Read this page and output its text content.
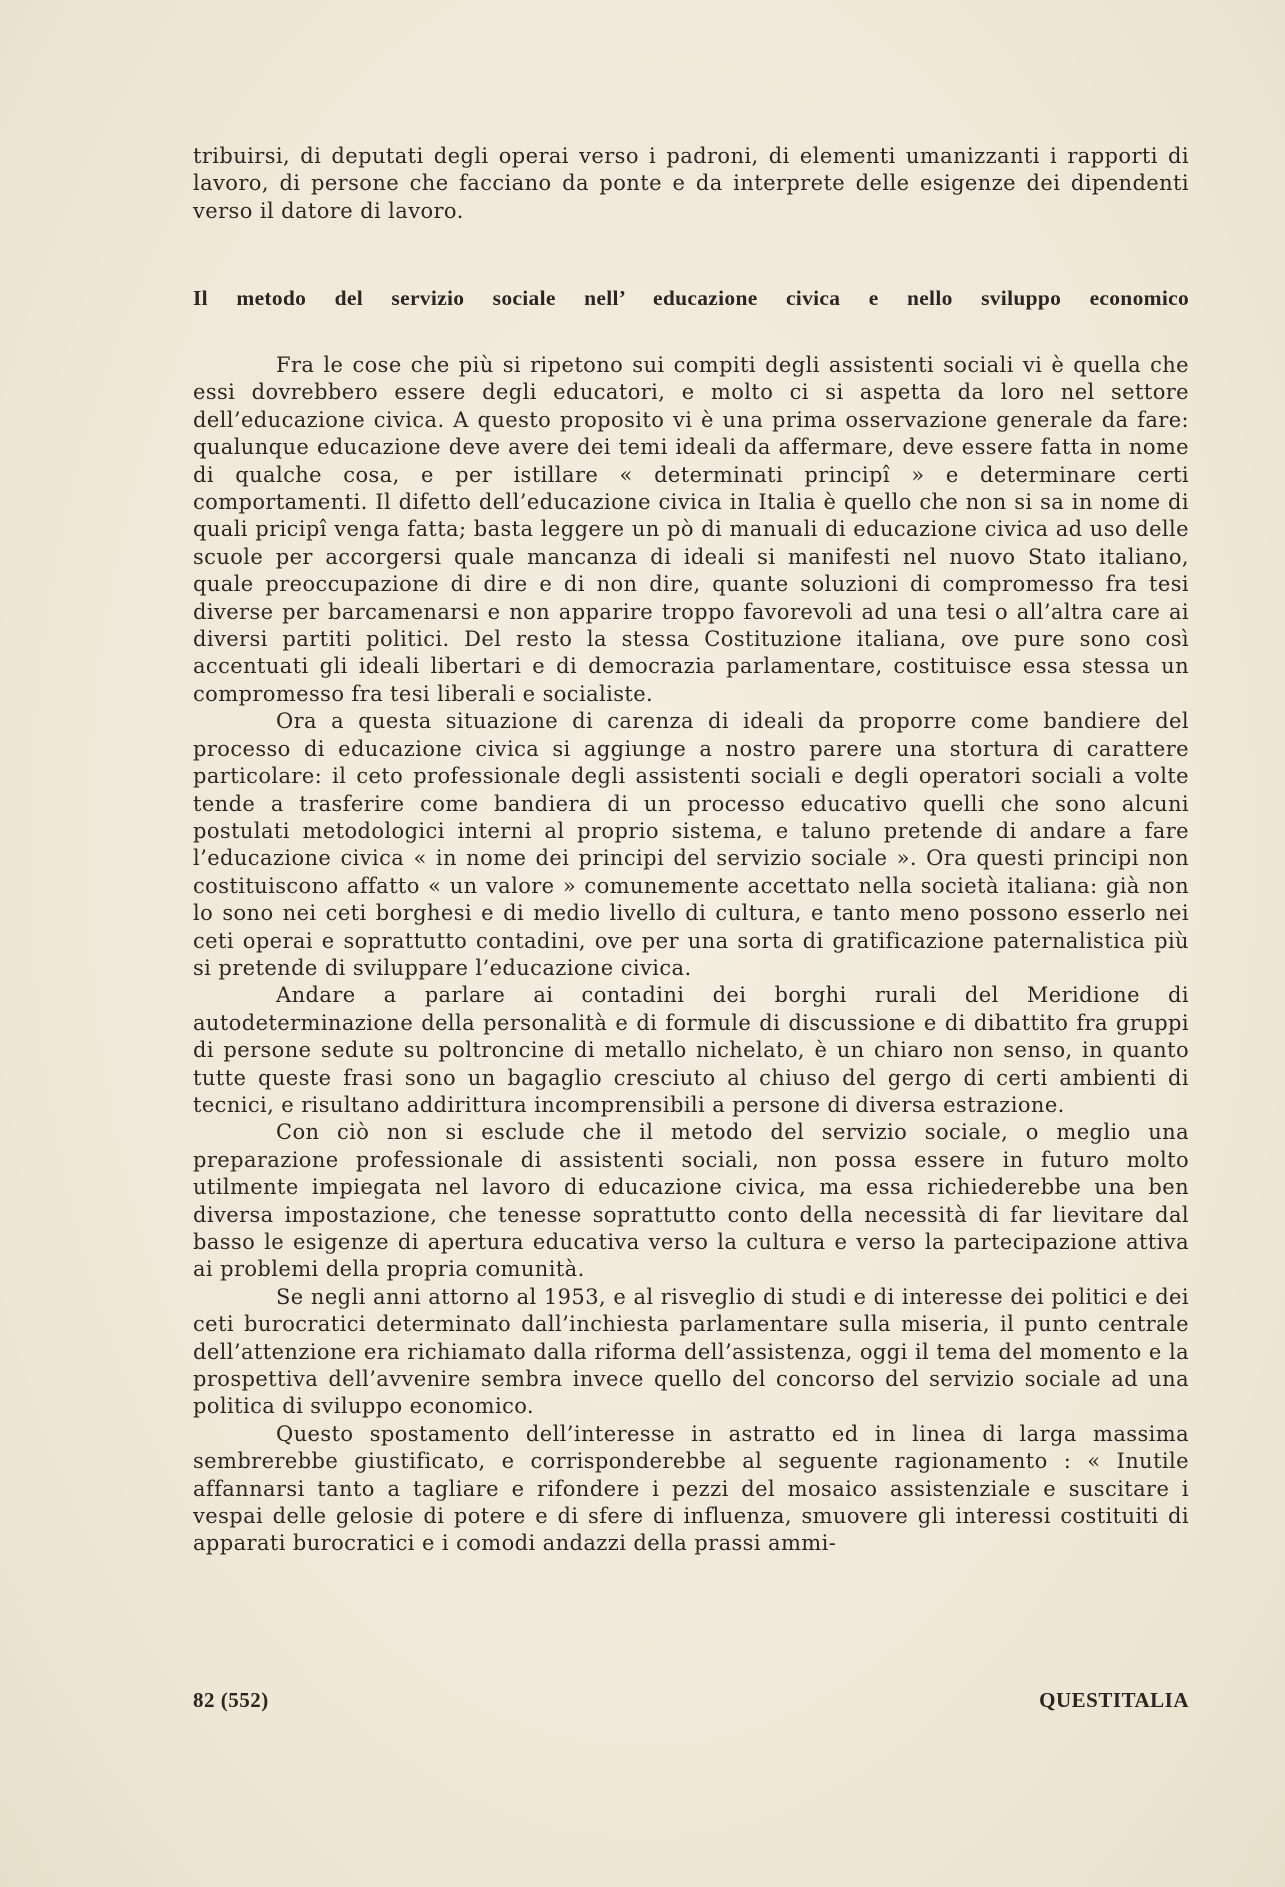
tribuirsi, di deputati degli operai verso i padroni, di elementi umanizzanti i rapporti di lavoro, di persone che facciano da ponte e da interprete delle esigenze dei dipendenti verso il datore di lavoro.

Il metodo del servizio sociale nell’ educazione civica e nello sviluppo economico

Fra le cose che più si ripetono sui compiti degli assistenti sociali vi è quella che essi dovrebbero essere degli educatori, e molto ci si aspetta da loro nel settore dell’educazione civica. A questo proposito vi è una prima osservazione generale da fare: qualunque educazione deve avere dei temi ideali da affermare, deve essere fatta in nome di qualche cosa, e per istillare « determinati principî » e determinare certi comportamenti. Il difetto dell’educazione civica in Italia è quello che non si sa in nome di quali pricipî venga fatta; basta leggere un pò di manuali di educazione civica ad uso delle scuole per accorgersi quale mancanza di ideali si manifesti nel nuovo Stato italiano, quale preoccupazione di dire e di non dire, quante soluzioni di compromesso fra tesi diverse per barcamenarsi e non apparire troppo favorevoli ad una tesi o all’altra care ai diversi partiti politici. Del resto la stessa Costituzione italiana, ove pure sono così accentuati gli ideali libertari e di democrazia parlamentare, costituisce essa stessa un compromesso fra tesi liberali e socialiste.

Ora a questa situazione di carenza di ideali da proporre come bandiere del processo di educazione civica si aggiunge a nostro parere una stortura di carattere particolare: il ceto professionale degli assistenti sociali e degli operatori sociali a volte tende a trasferire come bandiera di un processo educativo quelli che sono alcuni postulati metodologici interni al proprio sistema, e taluno pretende di andare a fare l’educazione civica « in nome dei principi del servizio sociale ». Ora questi principi non costituiscono affatto « un valore » comunemente accettato nella società italiana: già non lo sono nei ceti borghesi e di medio livello di cultura, e tanto meno possono esserlo nei ceti operai e soprattutto contadini, ove per una sorta di gratificazione paternalistica più si pretende di sviluppare l’educazione civica.

Andare a parlare ai contadini dei borghi rurali del Meridione di autodeterminazione della personalità e di formule di discussione e di dibattito fra gruppi di persone sedute su poltroncine di metallo nichelato, è un chiaro non senso, in quanto tutte queste frasi sono un bagaglio cresciuto al chiuso del gergo di certi ambienti di tecnici, e risultano addirittura incomprensibili a persone di diversa estrazione.

Con ciò non si esclude che il metodo del servizio sociale, o meglio una preparazione professionale di assistenti sociali, non possa essere in futuro molto utilmente impiegata nel lavoro di educazione civica, ma essa richiederebbe una ben diversa impostazione, che tenesse soprattutto conto della necessità di far lievitare dal basso le esigenze di apertura educativa verso la cultura e verso la partecipazione attiva ai problemi della propria comunità.

Se negli anni attorno al 1953, e al risveglio di studi e di interesse dei politici e dei ceti burocratici determinato dall’inchiesta parlamentare sulla miseria, il punto centrale dell’attenzione era richiamato dalla riforma dell’assistenza, oggi il tema del momento e la prospettiva dell’avvenire sembra invece quello del concorso del servizio sociale ad una politica di sviluppo economico.

Questo spostamento dell’interesse in astratto ed in linea di larga massima sembrerebbe giustificato, e corrisponderebbe al seguente ragionamento : « Inutile affannarsi tanto a tagliare e rifondere i pezzi del mosaico assistenziale e suscitare i vespai delle gelosie di potere e di sfere di influenza, smuovere gli interessi costituiti di apparati burocratici e i comodi andazzi della prassi ammi-

82 (552)	QUESTITALIA
